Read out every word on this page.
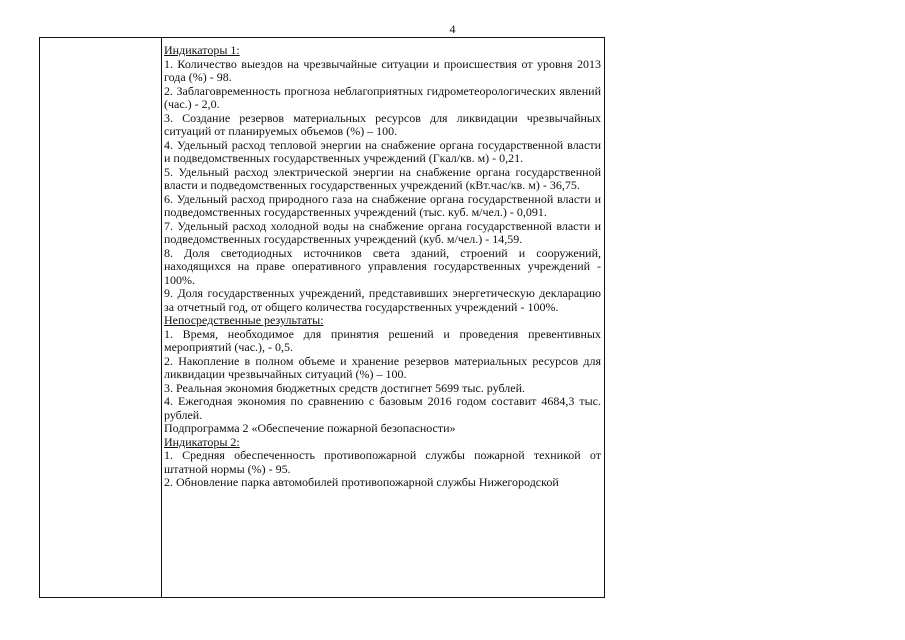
4
Индикаторы 1:
1. Количество выездов на чрезвычайные ситуации и происшествия от уровня 2013 года (%) - 98.
2. Заблаговременность прогноза неблагоприятных гидрометеорологических явлений (час.) - 2,0.
3. Создание резервов материальных ресурсов для ликвидации чрезвычайных ситуаций от планируемых объемов (%) – 100.
4. Удельный расход тепловой энергии на снабжение органа государственной власти и подведомственных государственных учреждений (Гкал/кв. м) - 0,21.
5. Удельный расход электрической энергии на снабжение органа государственной власти и подведомственных государственных учреждений (кВт.час/кв. м) - 36,75.
6. Удельный расход природного газа на снабжение органа государственной власти и подведомственных государственных учреждений (тыс. куб. м/чел.) - 0,091.
7. Удельный расход холодной воды на снабжение органа государственной власти и подведомственных государственных учреждений (куб. м/чел.) - 14,59.
8. Доля светодиодных источников света зданий, строений и сооружений, находящихся на праве оперативного управления государственных учреждений - 100%.
9. Доля государственных учреждений, представивших энергетическую декларацию за отчетный год, от общего количества государственных учреждений - 100%.
Непосредственные результаты:
1. Время, необходимое для принятия решений и проведения превентивных мероприятий (час.), - 0,5.
2. Накопление в полном объеме и хранение резервов материальных ресурсов для ликвидации чрезвычайных ситуаций (%) – 100.
3. Реальная экономия бюджетных средств достигнет 5699 тыс. рублей.
4. Ежегодная экономия по сравнению с базовым 2016 годом составит 4684,3 тыс. рублей.
Подпрограмма 2 «Обеспечение пожарной безопасности»
Индикаторы 2:
1. Средняя обеспеченность противопожарной службы пожарной техникой от штатной нормы (%) - 95.
2. Обновление парка автомобилей противопожарной службы Нижегородской
